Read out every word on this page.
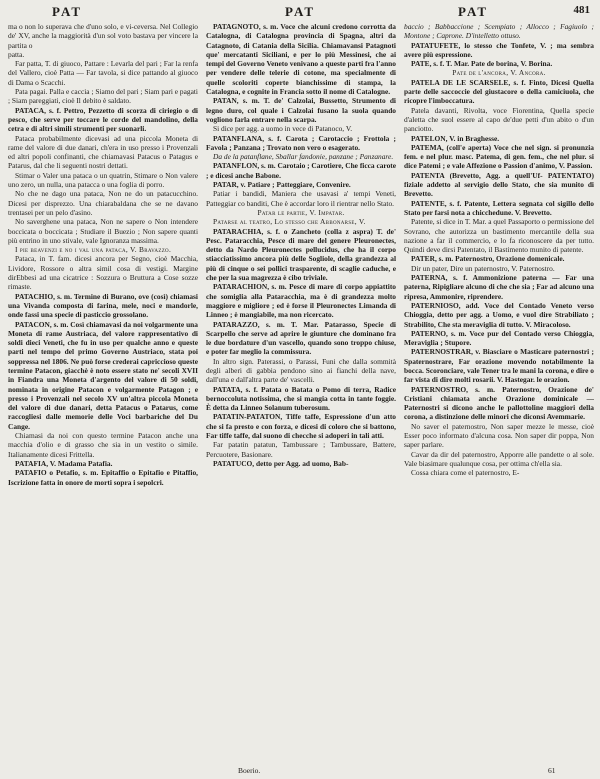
PAT	PAT	PAT	481

ma o non lo superava che d'uno solo, e vi-ceversa. Nel Collegio de' XV, anche la maggiorità d'un sol voto bastava per vincere la partita o

patta.

Far patta, T. di giuoco, Pattare : Levarla del pari ; Far la renfa del Vallero, cioè Patta — Far tavola, si dice pattando al giuoco di Dama o Scacchi.

Pata pagai. Palla e caccia ; Siamo del pari ; Siam pari e pagati ; Siam pareggiati, cioè Il debito è saldato.

PATACA, s. f. Pettro, Pezzetto di scorza di ciriegio o di pesco, che serve per toccare le corde del mandolino, della cetra e di altri simili strumenti per suonarli.

Pataca probabilmente dicevasi ad una piccola Moneta di rame del valore di due danari, ch'era in uso presso i Provenzali ed altri popoli confinanti, che chiamavasi Patacus o Patagus e Patarus, dal che li seguenti nostri dettati.

Stimar o Valer una pataca o un quatrin, Stimare o Non valere uno zero, un nulla, una patacca o una foglia di porro.

No che ne dago una pataca, Non ne do un patacucchino. Dicesi per disprezzo. Una chiarabaldana che se ne davano trentasei per un pelo d'asino.

No saverghene una pataca, Non ne sapere o Non intendere boccicata o boccicata ; Studiare il Buezio ; Non sapere quanti più entrino in uno stivale, vale Ignoranza massima.

I pie beavenzi e no i val una pataca, V. Bravazzo.

Pataca, in T. fam. dicesi ancora per Segno, cioè Macchia, Lividore, Rossore o altra simil cosa di vestigi. Margine dirEbbesi ad una cicatrice : Sozzura o Bruttura a Cose sozze rimaste.

PATACHIO, s. m. Termine di Burano, ove (così) chiamasi una Vivanda composta di farina, mele, noci e mandorle, onde fassi una specie di pasticcio grossolano.

PATACON, s. m. Così chiamavasi da noi volgarmente una Moneta di rame Austriaca, del valore rappresentativo di soldi dieci Veneti, che fu in uso per qualche anno e queste parti nel tempo del primo Governo Austriaco, stata poi soppressa nel 1806. Ne può forse crederai capriccioso queste termine Patacon, giacchè è noto essere stato ne' secoli XVII in Fiandra una Moneta d'argento del valore di 50 soldi, nominata in origine Patacon e volgarmente Patagon ; e presso i Provenzali nel secolo XV un'altra piccola Moneta del valore di due danari, detta Patacus o Patarus, come raccogliesi dalle memorie delle Voci barbariche del Du Cange.

Chiamasi da noi con questo termine Patacon anche una macchia d'olio e di grasso che sia in un vestito o simile. Italianamente dicesi Frittella.

PATAFIA, V. Madama Patafia.

PATAFIO o Petafio, s. m. Epitaffio o Epitafio e Pitaffio, Iscrizione fatta in onore de morti sopra i sepolcri.

PATAGNOTO, s. m. Voce che alcuni credono corrotta da Catalogna, di Catalogna provincia di Spagna, altri da Catagnoto, di Catania della Sicilia. Chiamavansi Patagnoti que' mercatanti Siciliani, e per lo più Messinesi, che ai tempi del Governo Veneto venivano a queste parti fra l'anno per vendere delle telerie di cotone, ma specialmente di quelle scoloriti coperte bianchissime di stampa, la Catalogna, e cognite in Francia sotto il nome di Catalogne.

PATAN, s. m. T. de' Calzolai, Bussetto, Strumento di legno duro, col quale i Calzolai fusano la suola quando vogliono farla entrare nella scarpa.

Si dice per agg. a uomo in vece di Patanoco, V.

PATANFLANA, s. f. Carota ; Carotaccio ; Frottola ; Favola ; Panzana ; Trovato non vero o esagerato.

Da de la patanflane, Sballar fandonie, panzane ; Panzanare.

PATANFLON, s. m. Carotaio ; Carotiere, Che ficca carote ; e dicesi anche Babone.

PATAR, v. Patiare ; Patteggiare, Convenire.

Patiar i bandidi, Maniera che usavasi a' tempi Veneti, Patteggiar co banditi, Che è accordar loro il rientrar nello Stato.

Patar le partie, V. Impatar.

Patarse al teatro, Lo stesso che Abbonarse, V.

PATARACHIA, s. f. o Zancheto (colla z aspra) T. de' Pesc. Pataracchia, Pesce di mare del genere Pleuronectes, detto da Nardo Pleuronectes pellucidus, che ha il corpo stiacciatissimo ancora più delle Sogliole, della grandezza al più di cinque o sei pollici trasparente, di scaglie caduche, e che per la sua magrezza è cibo triviale.

PATARACHION, s. m. Pesce di mare di corpo appiattito che somiglia alla Pataracchia, ma è di grandezza molto maggiore e migliore ; ed è forse il Pleuronectes Limanda di Linneo ; è mangiabile, ma non ricercato.

PATARAZZO, s. m. T. Mar. Patarasso, Specie di Scarpello che serve ad aprire le giunture che dominano fra le due bordature d'un vascello, quando sono troppo chiuse, e poter far meglio la commissura.

In altro sign. Paterassi, o Parassi, Funi che dalla sommità degli alberi di gabbia pendono sino ai fianchi della nave, dall'una e dall'altra parte de' vascelli.

PATATA, s. f. Patata o Batata o Pomo di terra, Radice bernoccoluta notissima, che si mangia cotta in tante foggie. È detta da Linneo Solanum tuberosum.

PATATIN-PATATON, Tiffe taffe, Espressione d'un atto che si fa presto e con forza, e dicesi di coloro che si battono, Far tiffe taffe, dal suono di checche si adoperi in tali atti.

Far patatin patatun, Tambussare ; Tambussare, Battere, Percuotere, Basionare.

PATATUCO, detto per Agg. ad uomo, Bab-

baccio ; Babbaccione ; Scempiato ; Allocco ; Fagiuolo ; Montone ; Caprone. D'intelletto ottuso.

PATATUFETE, lo stesso che Tonfete, V. ; ma sembra avere più espressione.

PATE, s. f. T. Mar. Pate de borina, V. Borina.

Pate de l'ancora, V. Ancora.

PATELA DE LE SCARSELE, s. f. Finto, Dicesi Quella parte delle saccoccie del giustacore o della camiciuola, che ricopre l'imboccatura.

Patela davanti, Rivolta, voce Fiorentina, Quella specie d'aletta che suol essere al capo de'due petti d'un abito o d'un panciotto.

PATELON, V. in Braghesse.

PATEMA, (coll'e aperta) Voce che nel sign. si pronunzia fem. e nel plur. masc. Patema, di gen. fem., che nel plur. si dice Patemi ; e vale Affezione o Passion d'animo, V. Passion.

PATENTA (Brevetto, Agg. a quell'Uf- PATENTATO) fiziale addetto al servigio dello Stato, che sia munito di Brevetto.

PATENTE, s. f. Patente, Lettera segnata col sigillo dello Stato per farsi nota a chicchedune. V. Brevetto.

Patente, si dice in T. Mar. a quel Passaporto o permissione del Sovrano, che autorizza un bastimento mercantile della sua nazione a far il commercio, e lo fa riconoscere da per tutto. Quindi deve dirsi Patentato, il Bastimento munito di patente.

PATER, s. m. Paternostro, Orazione domenicale.

Dir un pater, Dire un paternostro, V. Paternostro.

PATERNA, s. f. Ammonizione paterna — Far una paterna, Ripigliare alcuno di che che sia ; Far ad alcuno una ripresa, Ammonire, riprendere.

PATERNIOSO, add. Voce del Contado Veneto verso Chioggia, detto per agg. a Uomo, e vuol dire Strabiliato ; Strabilito, Che sta meraviglia di tutto. V. Miracoloso.

PATERNO, s. m. Voce pur del Contado verso Chioggia, Meraviglia ; Stupore.

PATERNOSTRAR, v. Biasciare o Masticare paternostri ; Spaternostrare, Far orazione movendo notabilmente la bocca. Scoronciare, vale Tener tra le mani la corona, e dire o far vista di dire molti rosarii. V. Hastegar. le orazion.

PATERNOSTRO, s. m. Paternostro, Orazione de' Cristiani chiamata anche Orazione dominicale — Paternostri si dicono anche le pallottoline maggiori della corona, a distinzione delle minori che diconsi Avemmarie.

No saver el paternostro, Non saper mezze le messe, cioè Esser poco informato d'alcuna cosa. Non saper dir poppa, Non saper parlare.

Cavar da dir del paternostro, Apporre alle pandette o al sole. Vale biasimare qualunque cosa, per ottima ch'ella sia.

Cossa chiara come el paternostro, E-

Boerio.	61
